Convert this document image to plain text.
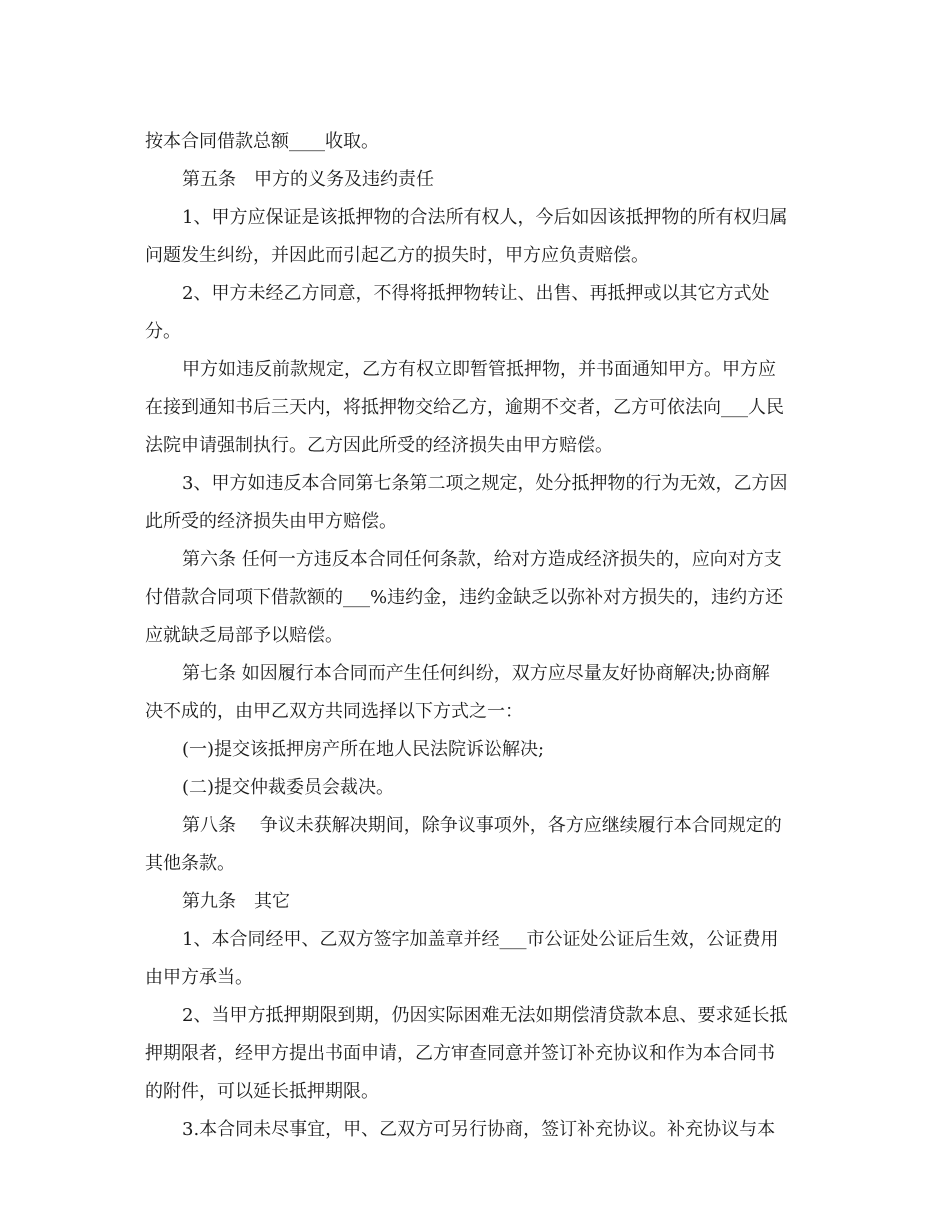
按本合同借款总额____收取。
第五条　甲方的义务及违约责任
1、甲方应保证是该抵押物的合法所有权人，今后如因该抵押物的所有权归属
问题发生纠纷，并因此而引起乙方的损失时，甲方应负责赔偿。
2、甲方未经乙方同意，不得将抵押物转让、出售、再抵押或以其它方式处
分。
甲方如违反前款规定，乙方有权立即暂管抵押物，并书面通知甲方。甲方应
在接到通知书后三天内，将抵押物交给乙方，逾期不交者，乙方可依法向___人民
法院申请强制执行。乙方因此所受的经济损失由甲方赔偿。
3、甲方如违反本合同第七条第二项之规定，处分抵押物的行为无效，乙方因
此所受的经济损失由甲方赔偿。
第六条 任何一方违反本合同任何条款，给对方造成经济损失的，应向对方支
付借款合同项下借款额的___%违约金，违约金缺乏以弥补对方损失的，违约方还
应就缺乏局部予以赔偿。
第七条 如因履行本合同而产生任何纠纷，双方应尽量友好协商解决;协商解
决不成的，由甲乙双方共同选择以下方式之一：
(一)提交该抵押房产所在地人民法院诉讼解决;
(二)提交仲裁委员会裁决。
第八条　 争议未获解决期间，除争议事项外，各方应继续履行本合同规定的
其他条款。
第九条　其它
1、本合同经甲、乙双方签字加盖章并经___市公证处公证后生效，公证费用
由甲方承当。
2、当甲方抵押期限到期，仍因实际困难无法如期偿清贷款本息、要求延长抵
押期限者，经甲方提出书面申请，乙方审查同意并签订补充协议和作为本合同书
的附件，可以延长抵押期限。
3.本合同未尽事宜，甲、乙双方可另行协商，签订补充协议。补充协议与本
